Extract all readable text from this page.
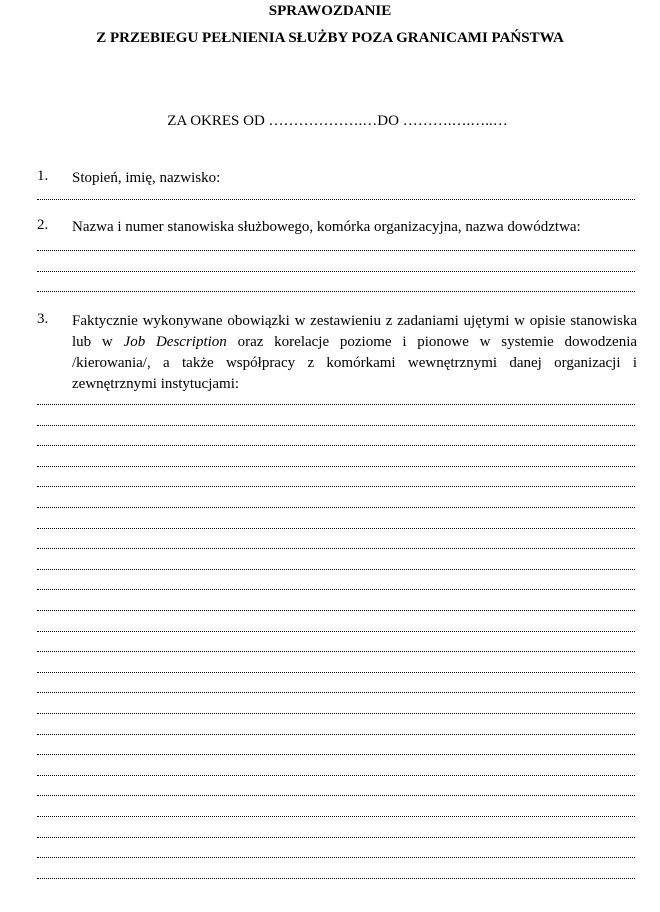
SPRAWOZDANIE
Z PRZEBIEGU PEŁNIENIA SŁUŻBY POZA GRANICAMI PAŃSTWA
ZA OKRES OD ……………….…DO ……….….…..…
1. Stopień, imię, nazwisko:
2. Nazwa i numer stanowiska służbowego, komórka organizacyjna, nazwa dowództwa:
3. Faktycznie wykonywane obowiązki w zestawieniu z zadaniami ujętymi w opisie stanowiska lub w Job Description oraz korelacje poziome i pionowe w systemie dowodzenia /kierowania/, a także współpracy z komórkami wewnętrznymi danej organizacji i zewnętrznymi instytucjami:
